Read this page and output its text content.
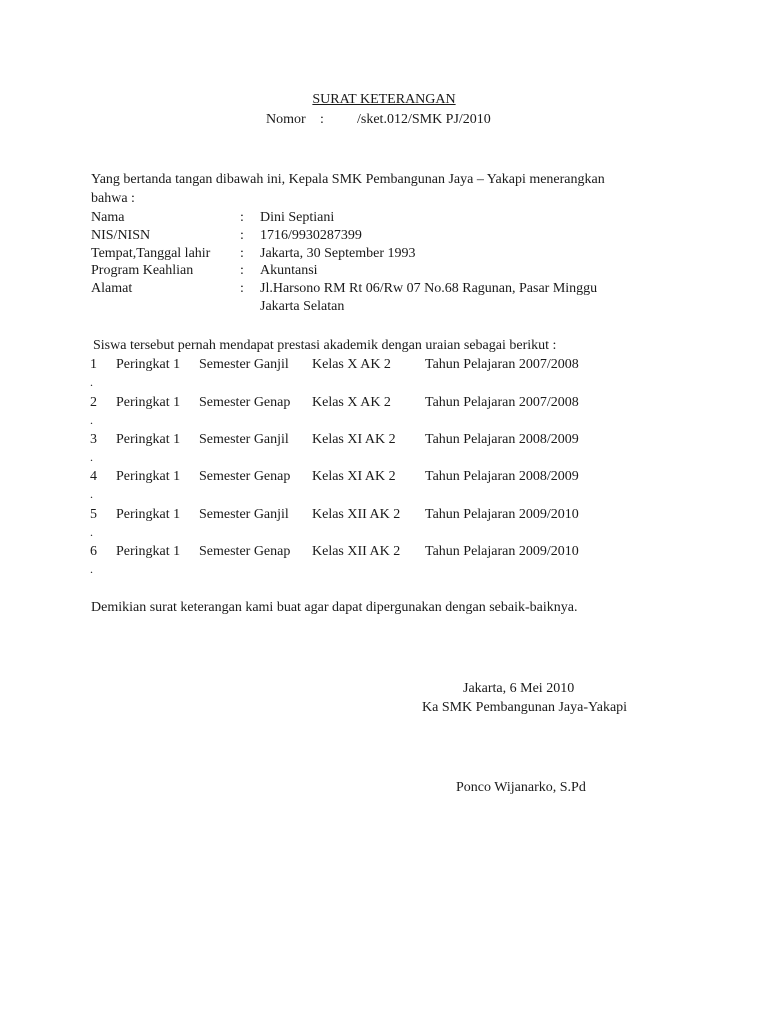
SURAT KETERANGAN
Nomor : /sket.012/SMK PJ/2010
Yang bertanda tangan dibawah ini, Kepala SMK Pembangunan Jaya – Yakapi menerangkan
bahwa :
Nama	: Dini Septiani
NIS/NISN	: 1716/9930287399
Tempat,Tanggal lahir : Jakarta, 30 September 1993
Program Keahlian	: Akuntansi
Alamat	: Jl.Harsono RM Rt 06/Rw 07 No.68 Ragunan, Pasar Minggu
Jakarta Selatan
Siswa tersebut pernah mendapat prestasi akademik dengan uraian sebagai berikut :
1 Peringkat 1 Semester Ganjil Kelas X AK 2 Tahun Pelajaran 2007/2008
.
2 Peringkat 1 Semester Genap Kelas X AK 2 Tahun Pelajaran 2007/2008
.
3 Peringkat 1 Semester Ganjil Kelas XI AK 2 Tahun Pelajaran 2008/2009
.
4 Peringkat 1 Semester Genap Kelas XI AK 2 Tahun Pelajaran 2008/2009
.
5 Peringkat 1 Semester Ganjil Kelas XII AK 2 Tahun Pelajaran 2009/2010
.
6 Peringkat 1 Semester Genap Kelas XII AK 2 Tahun Pelajaran 2009/2010
.
Demikian surat keterangan kami buat agar dapat dipergunakan dengan sebaik-baiknya.
Jakarta, 6 Mei 2010
Ka SMK Pembangunan Jaya-Yakapi
Ponco Wijanarko, S.Pd
